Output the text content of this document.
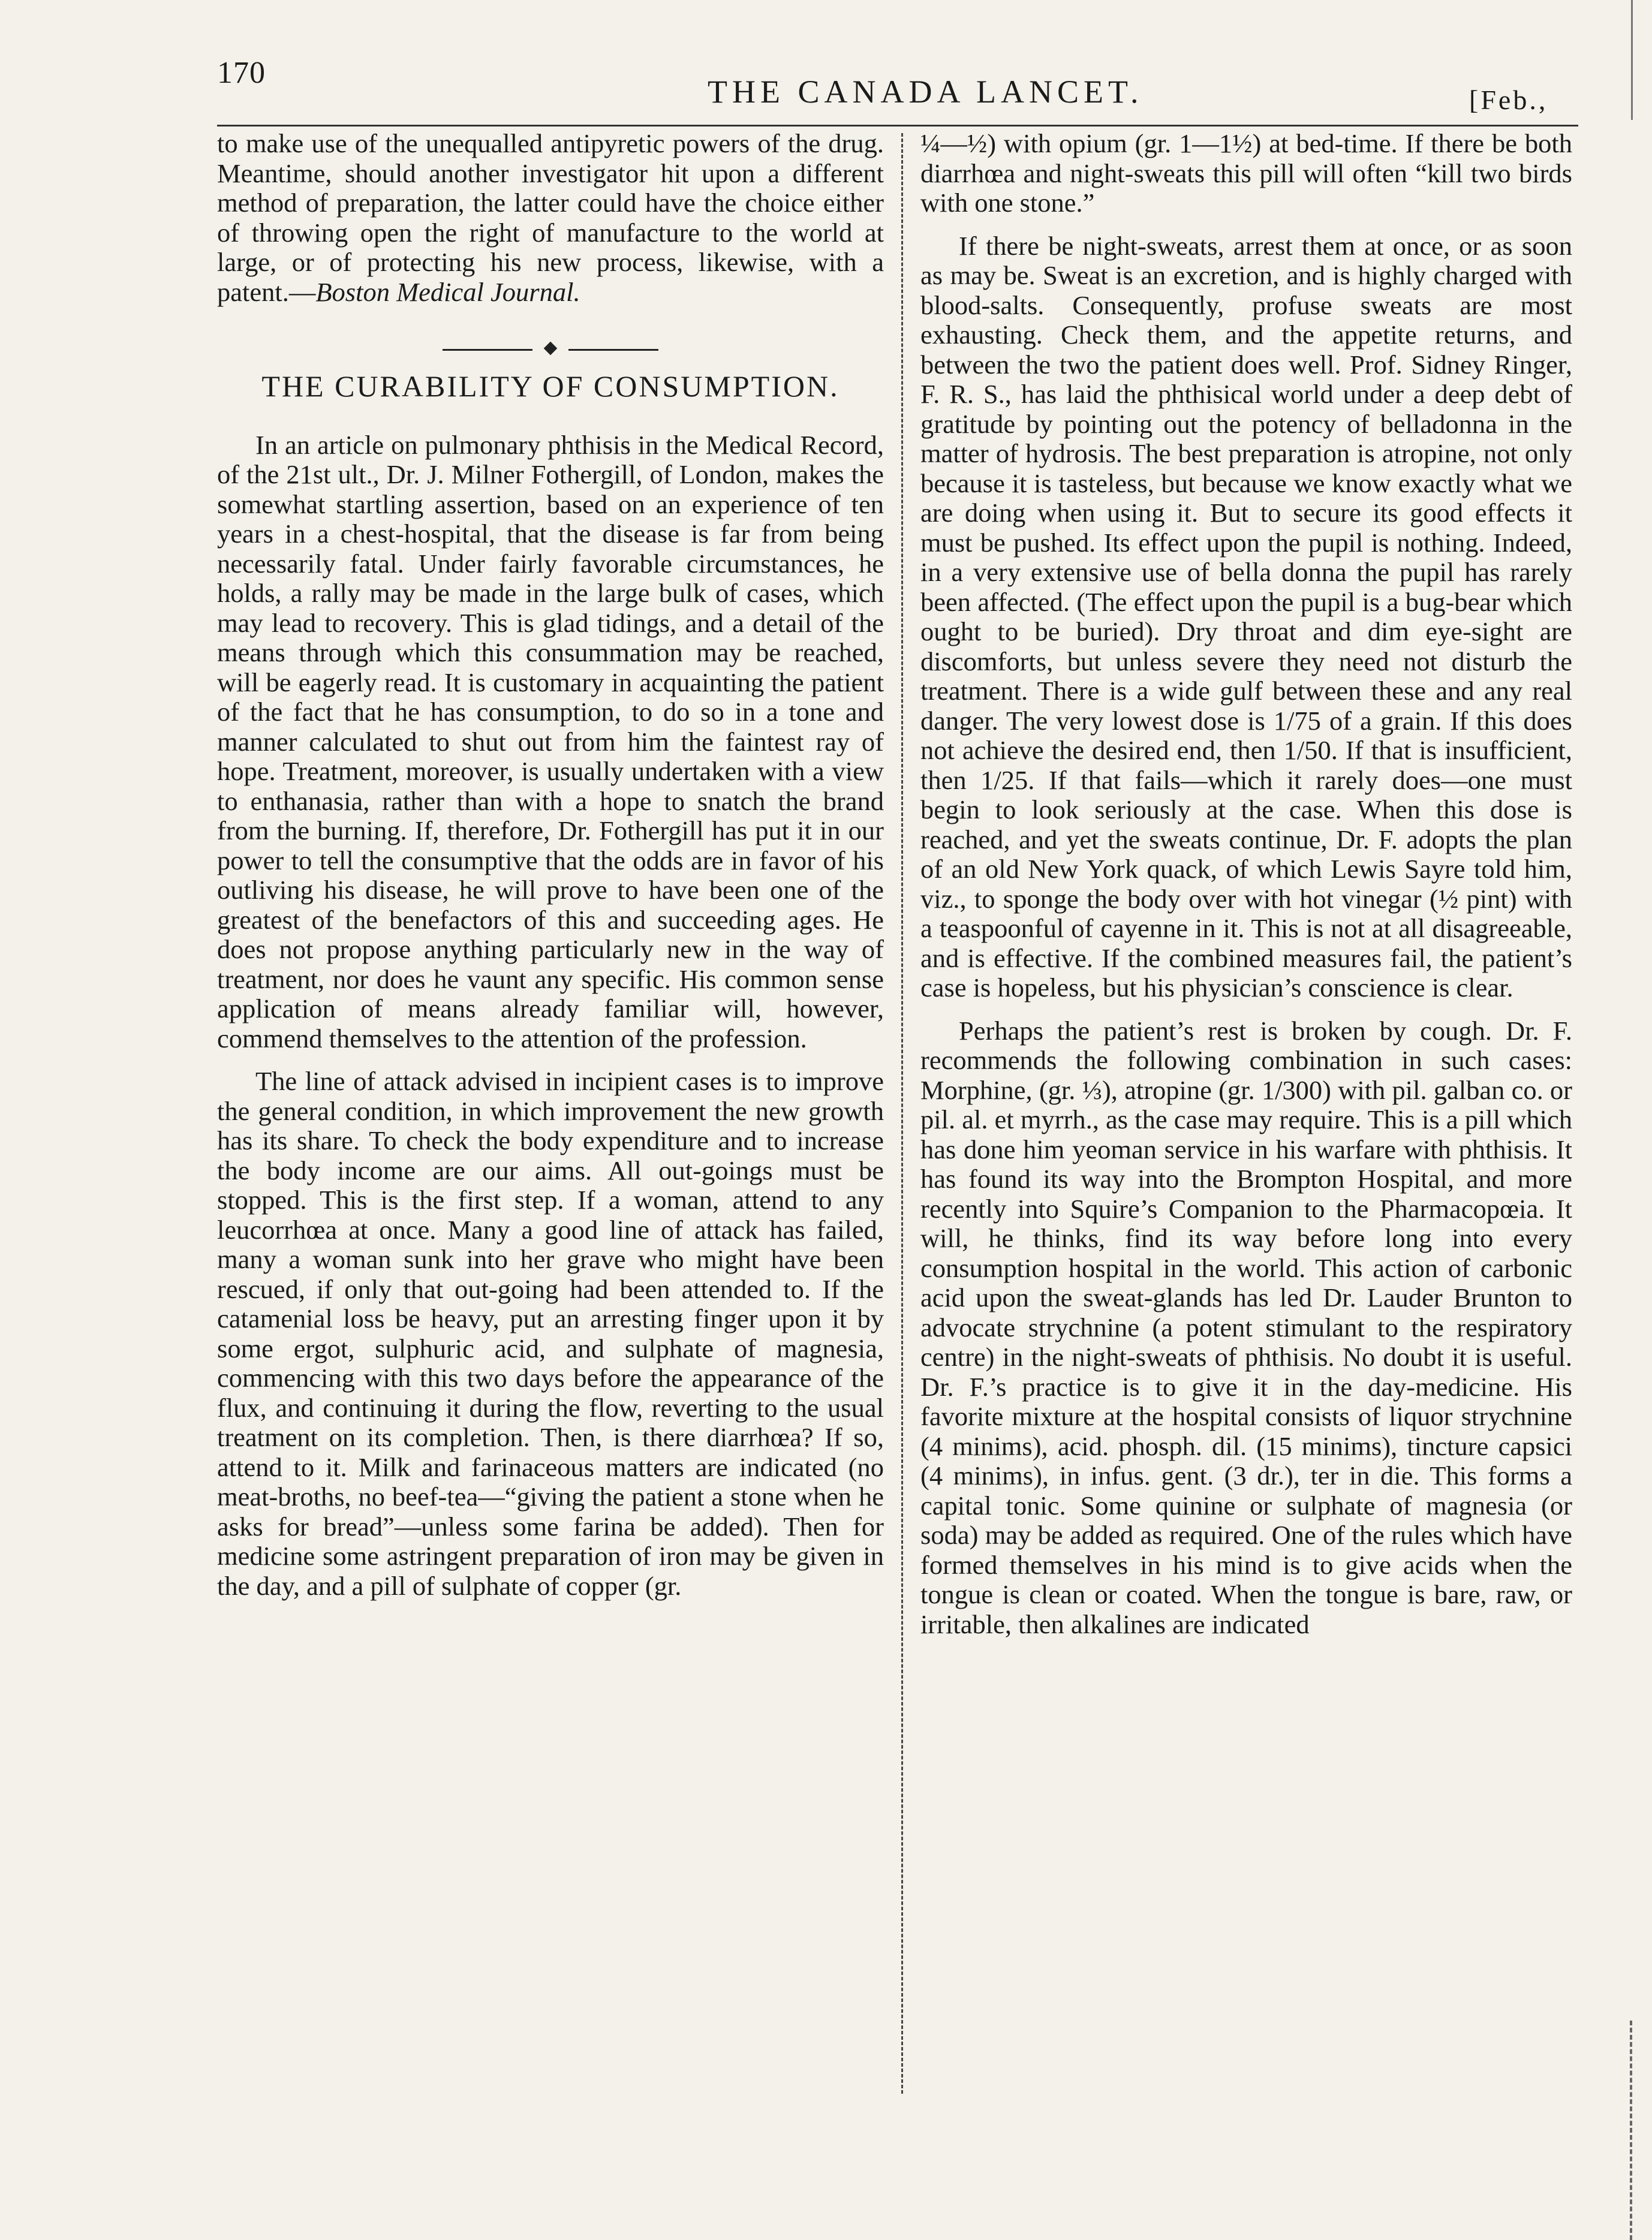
170
THE CANADA LANCET.	[Feb.,

to make use of the unequalled antipyretic powers of the drug. Meantime, should another investigator hit upon a different method of preparation, the latter could have the choice either of throwing open the right of manufacture to the world at large, or of protecting his new process, likewise, with a patent.—Boston Medical Journal.

THE CURABILITY OF CONSUMPTION.

In an article on pulmonary phthisis in the Medical Record, of the 21st ult., Dr. J. Milner Fothergill, of London, makes the somewhat startling assertion, based on an experience of ten years in a chest-hospital, that the disease is far from being necessarily fatal. Under fairly favorable circumstances, he holds, a rally may be made in the large bulk of cases, which may lead to recovery. This is glad tidings, and a detail of the means through which this consummation may be reached, will be eagerly read. It is customary in acquainting the patient of the fact that he has consumption, to do so in a tone and manner calculated to shut out from him the faintest ray of hope. Treatment, moreover, is usually undertaken with a view to enthanasia, rather than with a hope to snatch the brand from the burning. If, therefore, Dr. Fothergill has put it in our power to tell the consumptive that the odds are in favor of his outliving his disease, he will prove to have been one of the greatest of the benefactors of this and succeeding ages. He does not propose anything particularly new in the way of treatment, nor does he vaunt any specific. His common sense application of means already familiar will, however, commend themselves to the attention of the profession.

The line of attack advised in incipient cases is to improve the general condition, in which improvement the new growth has its share. To check the body expenditure and to increase the body income are our aims. All out-goings must be stopped. This is the first step. If a woman, attend to any leucorrhœa at once. Many a good line of attack has failed, many a woman sunk into her grave who might have been rescued, if only that out-going had been attended to. If the catamenial loss be heavy, put an arresting finger upon it by some ergot, sulphuric acid, and sulphate of magnesia, commencing with this two days before the appearance of the flux, and continuing it during the flow, reverting to the usual treatment on its completion. Then, is there diarrhœa? If so, attend to it. Milk and farinaceous matters are indicated (no meat-broths, no beef-tea—“giving the patient a stone when he asks for bread”—unless some farina be added). Then for medicine some astringent preparation of iron may be given in the day, and a pill of sulphate of copper (gr.

¼—½) with opium (gr. 1—1½) at bed-time. If there be both diarrhœa and night-sweats this pill will often “kill two birds with one stone.”

If there be night-sweats, arrest them at once, or as soon as may be. Sweat is an excretion, and is highly charged with blood-salts. Consequently, profuse sweats are most exhausting. Check them, and the appetite returns, and between the two the patient does well. Prof. Sidney Ringer, F. R. S., has laid the phthisical world under a deep debt of gratitude by pointing out the potency of belladonna in the matter of hydrosis. The best preparation is atropine, not only because it is tasteless, but because we know exactly what we are doing when using it. But to secure its good effects it must be pushed. Its effect upon the pupil is nothing. Indeed, in a very extensive use of bella donna the pupil has rarely been affected. (The effect upon the pupil is a bug-bear which ought to be buried). Dry throat and dim eye-sight are discomforts, but unless severe they need not disturb the treatment. There is a wide gulf between these and any real danger. The very lowest dose is 1/75 of a grain. If this does not achieve the desired end, then 1/50. If that is insufficient, then 1/25. If that fails—which it rarely does—one must begin to look seriously at the case. When this dose is reached, and yet the sweats continue, Dr. F. adopts the plan of an old New York quack, of which Lewis Sayre told him, viz., to sponge the body over with hot vinegar (½ pint) with a teaspoonful of cayenne in it. This is not at all disagreeable, and is effective. If the combined measures fail, the patient’s case is hopeless, but his physician’s conscience is clear.

Perhaps the patient’s rest is broken by cough. Dr. F. recommends the following combination in such cases: Morphine, (gr. ⅓), atropine (gr. 1/300) with pil. galban co. or pil. al. et myrrh., as the case may require. This is a pill which has done him yeoman service in his warfare with phthisis. It has found its way into the Brompton Hospital, and more recently into Squire’s Companion to the Pharmacopœia. It will, he thinks, find its way before long into every consumption hospital in the world. This action of carbonic acid upon the sweat-glands has led Dr. Lauder Brunton to advocate strychnine (a potent stimulant to the respiratory centre) in the night-sweats of phthisis. No doubt it is useful. Dr. F.’s practice is to give it in the day-medicine. His favorite mixture at the hospital consists of liquor strychnine (4 minims), acid. phosph. dil. (15 minims), tincture capsici (4 minims), in infus. gent. (3 dr.), ter in die. This forms a capital tonic. Some quinine or sulphate of magnesia (or soda) may be added as required. One of the rules which have formed themselves in his mind is to give acids when the tongue is clean or coated. When the tongue is bare, raw, or irritable, then alkalines are indicated
